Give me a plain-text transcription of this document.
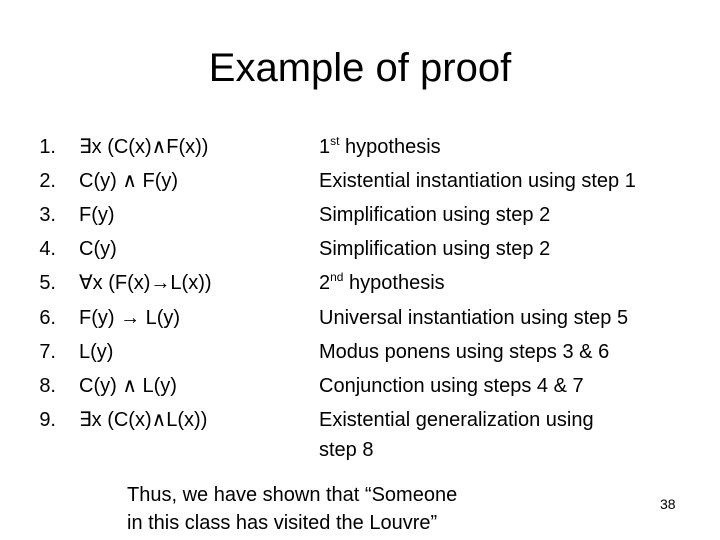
Example of proof
1. ∃x (C(x)∧F(x))	1st hypothesis
2. C(y) ∧ F(y)	Existential instantiation using step 1
3. F(y)	Simplification using step 2
4. C(y)	Simplification using step 2
5. ∀x (F(x)→L(x))	2nd hypothesis
6. F(y) → L(y)	Universal instantiation using step 5
7. L(y)	Modus ponens using steps 3 & 6
8. C(y) ∧ L(y)	Conjunction using steps 4 & 7
9. ∃x (C(x)∧L(x))	Existential generalization using
step 8
Thus, we have shown that “Someone
in this class has visited the Louvre”
38
